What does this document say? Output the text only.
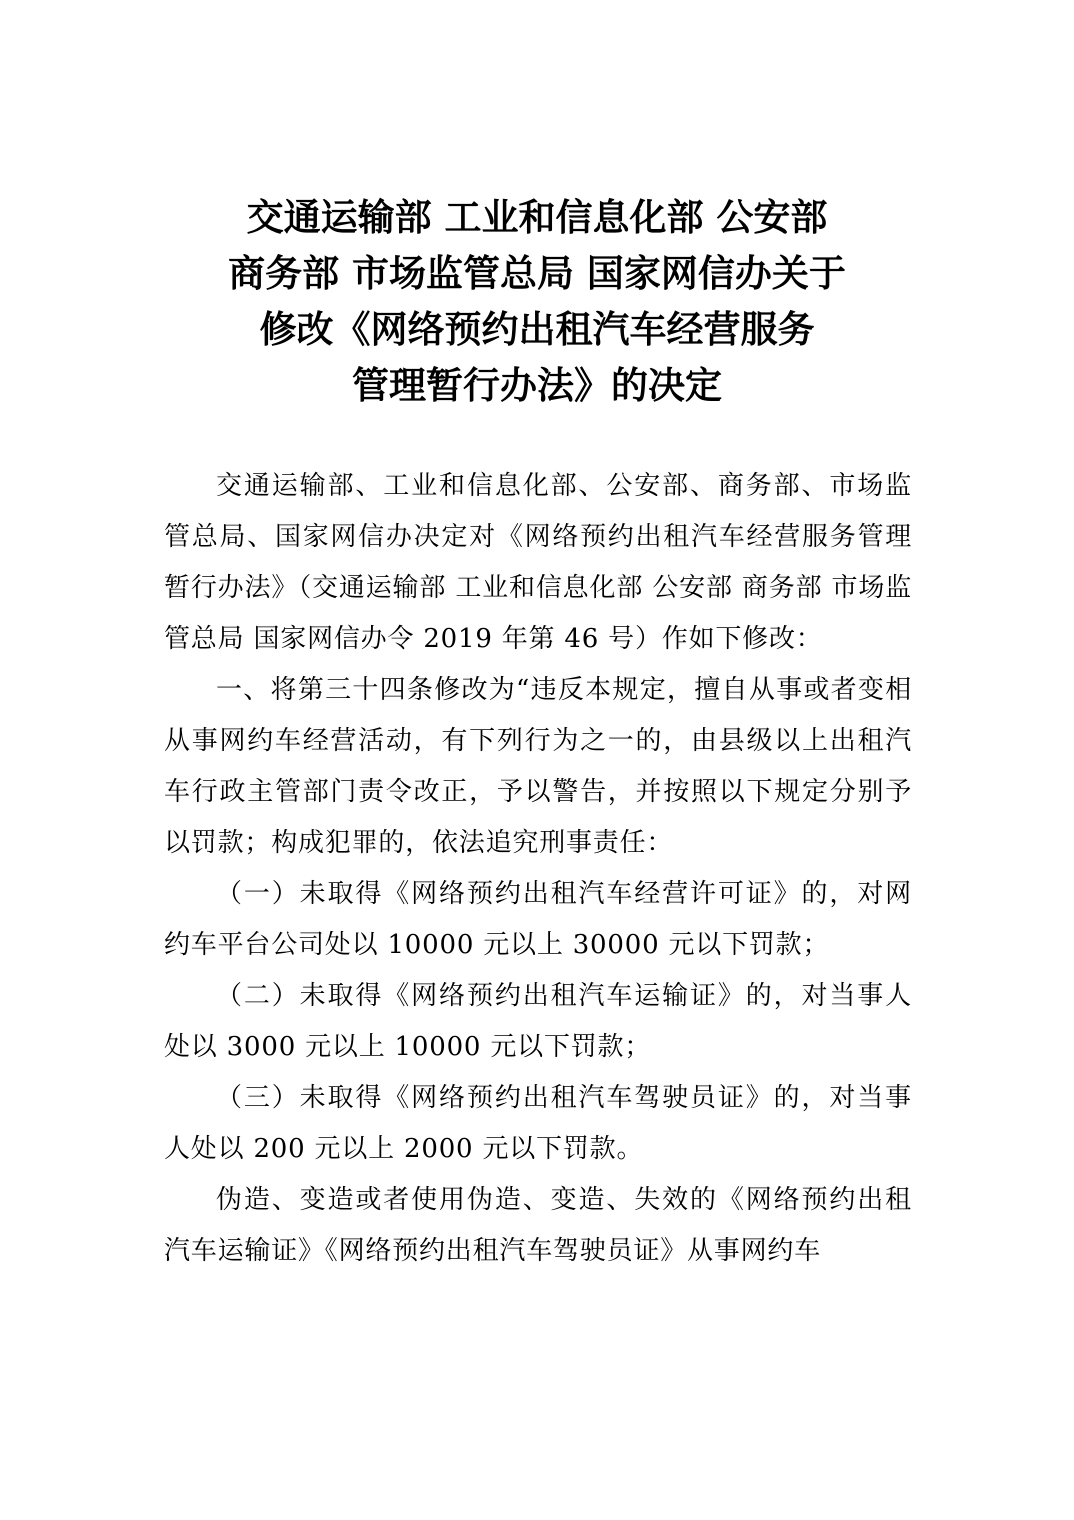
交通运输部 工业和信息化部 公安部
商务部 市场监管总局 国家网信办关于
修改《网络预约出租汽车经营服务
管理暂行办法》的决定

交通运输部、工业和信息化部、公安部、商务部、市场监管总局、国家网信办决定对《网络预约出租汽车经营服务管理暂行办法》（交通运输部 工业和信息化部 公安部 商务部 市场监管总局 国家网信办令 2019 年第 46 号）作如下修改：

一、将第三十四条修改为“违反本规定，擅自从事或者变相从事网约车经营活动，有下列行为之一的，由县级以上出租汽车行政主管部门责令改正，予以警告，并按照以下规定分别予以罚款；构成犯罪的，依法追究刑事责任：

（一）未取得《网络预约出租汽车经营许可证》的，对网约车平台公司处以 10000 元以上 30000 元以下罚款；

（二）未取得《网络预约出租汽车运输证》的，对当事人处以 3000 元以上 10000 元以下罚款；

（三）未取得《网络预约出租汽车驾驶员证》的，对当事人处以 200 元以上 2000 元以下罚款。

伪造、变造或者使用伪造、变造、失效的《网络预约出租汽车运输证》《网络预约出租汽车驾驶员证》从事网约车
